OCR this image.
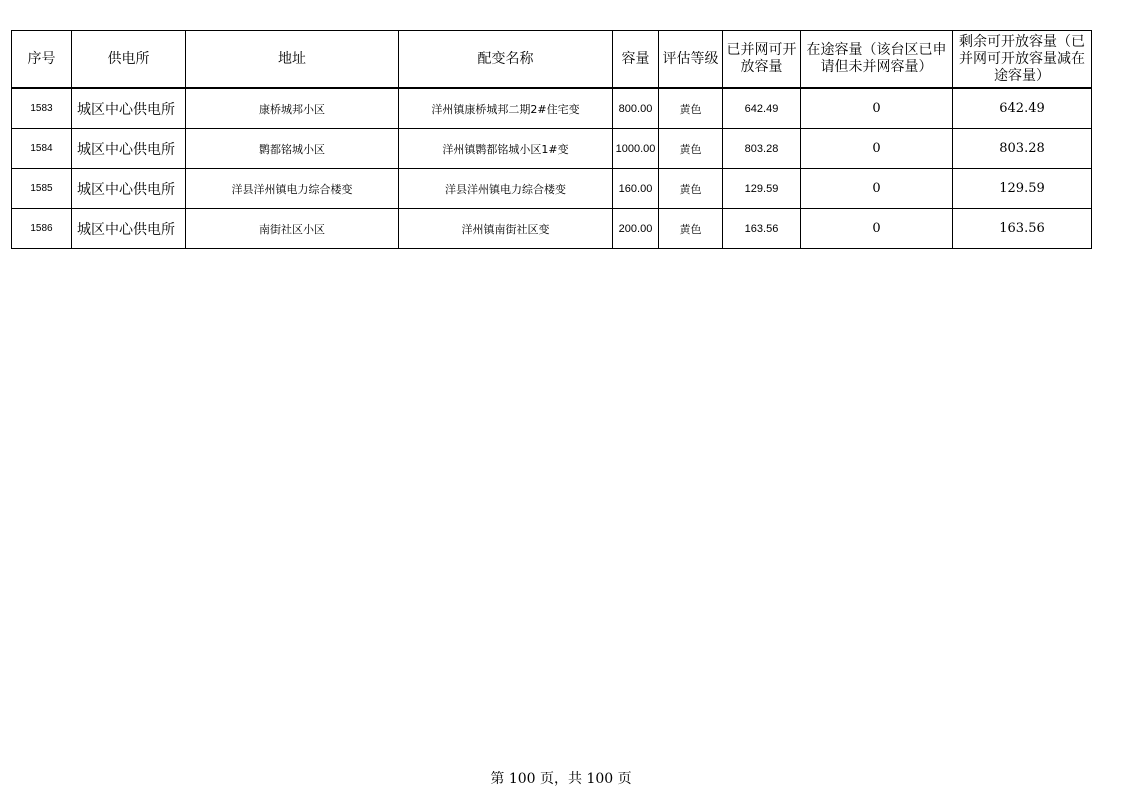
序号	供电所	地址	配变名称	容量	评估等级	已并网可开放容量	在途容量（该台区已申请但未并网容量）	剩余可开放容量（已并网可开放容量减在途容量）
1583	城区中心供电所	康桥城邦小区	洋州镇康桥城邦二期2#住宅变	800.00	黄色	642.49	0	642.49
1584	城区中心供电所	鹮都铭城小区	洋州镇鹮都铭城小区1#变	1000.00	黄色	803.28	0	803.28
1585	城区中心供电所	洋县洋州镇电力综合楼变	洋县洋州镇电力综合楼变	160.00	黄色	129.59	0	129.59
1586	城区中心供电所	南街社区小区	洋州镇南街社区变	200.00	黄色	163.56	0	163.56
第 100 页，共 100 页
